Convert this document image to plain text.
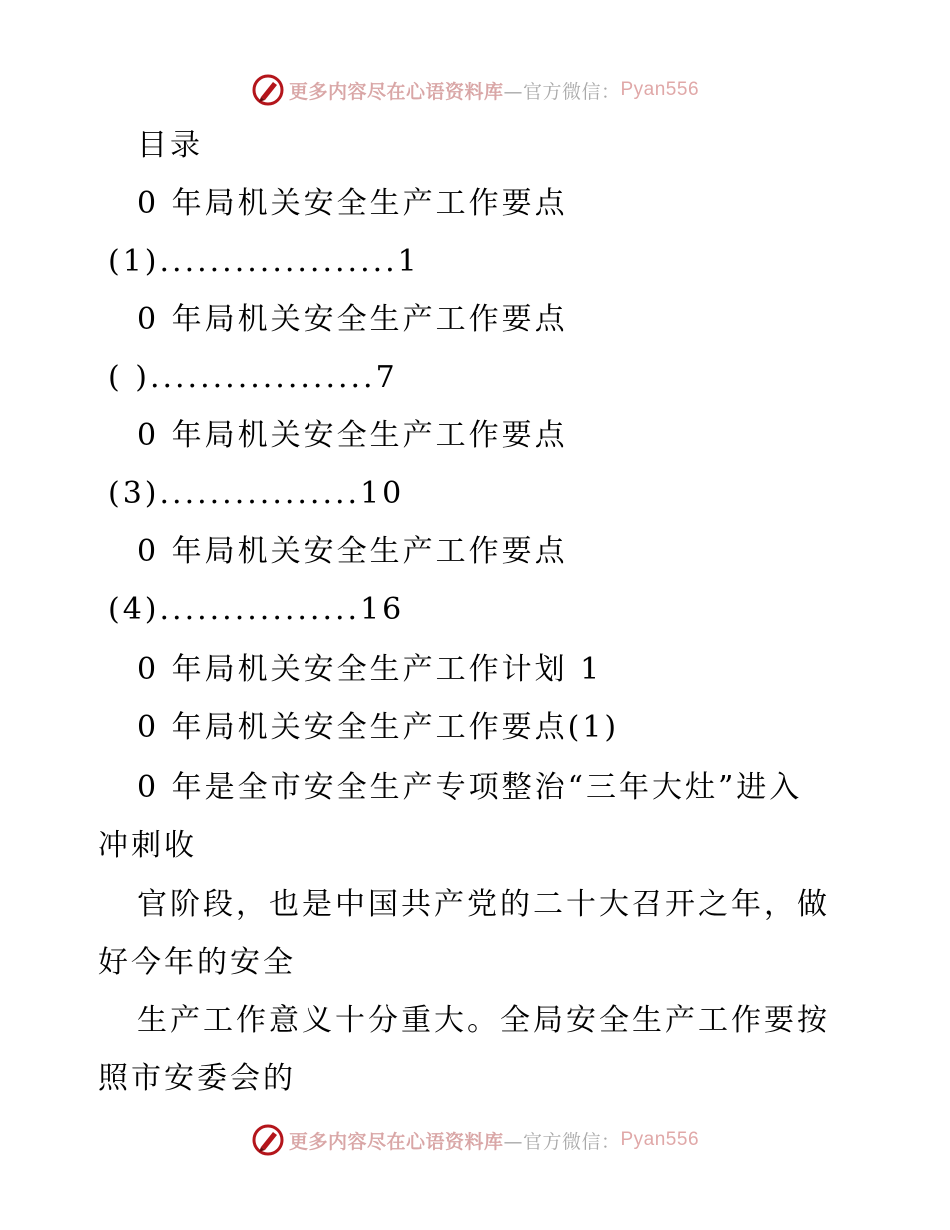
更多内容尽在心语资料库 —官方微信： Pyan556
目录
0 年局机关安全生产工作要点
(1)...................1
0 年局机关安全生产工作要点
( )..................7
0 年局机关安全生产工作要点
(3)................10
0 年局机关安全生产工作要点
(4)................16
0 年局机关安全生产工作计划 1
0 年局机关安全生产工作要点(1)
0 年是全市安全生产专项整治“三年大灶”进入
冲刺收
官阶段，也是中国共产党的二十大召开之年，做
好今年的安全
生产工作意义十分重大。全局安全生产工作要按
照市安委会的
更多内容尽在心语资料库 —官方微信： Pyan556
